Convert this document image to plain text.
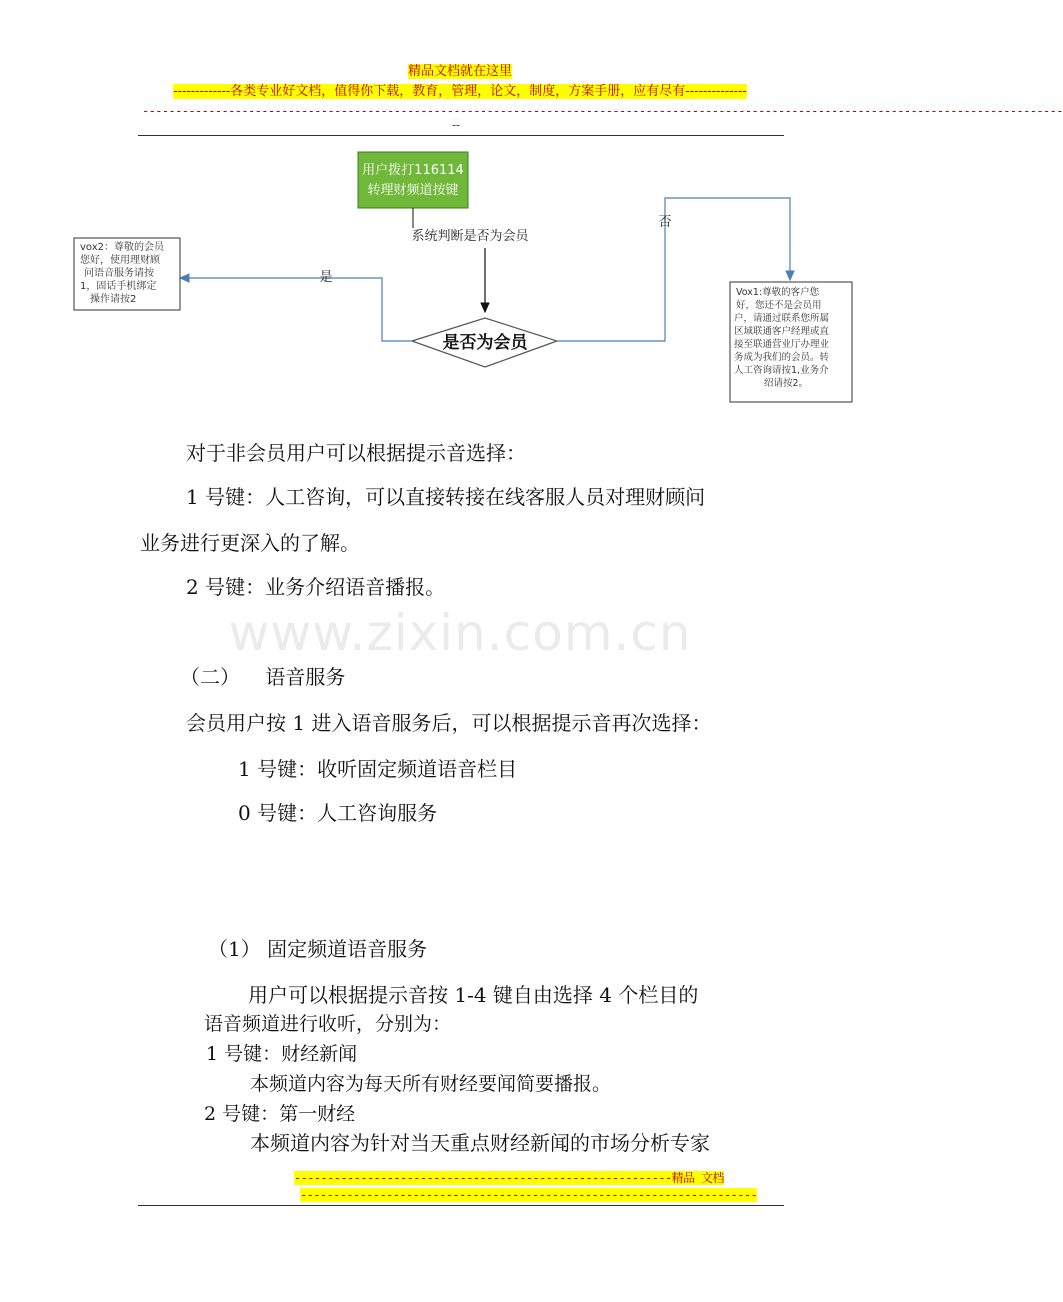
精品文档就在这里
-------------各类专业好文档，值得你下载，教育，管理，论文，制度，方案手册，应有尽有--------------
-------------------------------------------------------------------------------------------------------------------------------------------
--
用户拨打116114
转理财频道按键
系统判断是否为会员
是否为会员
是
vox2：尊敬的会员 您好，使用理财顾 问语音服务请按 1，固话手机绑定 操作请按2
否
Vox1:尊敬的客户您 好，您还不是会员用 户，请通过联系您所属 区域联通客户经理或直 接至联通营业厅办理业 务成为我们的会员。转 人工咨询请按1,业务介 绍请按2。
www.zixin.com.cn
对于非会员用户可以根据提示音选择：
1 号键：人工咨询，可以直接转接在线客服人员对理财顾问
业务进行更深入的了解。
2 号键：业务介绍语音播报。
（二）    语音服务
会员用户按 1 进入语音服务后，可以根据提示音再次选择：
1 号键：收听固定频道语音栏目
0 号键：人工咨询服务
（1） 固定频道语音服务
用户可以根据提示音按 1-4 键自由选择 4 个栏目的
语音频道进行收听，分别为：
1 号键：财经新闻
本频道内容为每天所有财经要闻简要播报。
2 号键：第一财经
本频道内容为针对当天重点财经新闻的市场分析专家
---------------------------------------------------------精品 文档
---------------------------------------------------------------------
